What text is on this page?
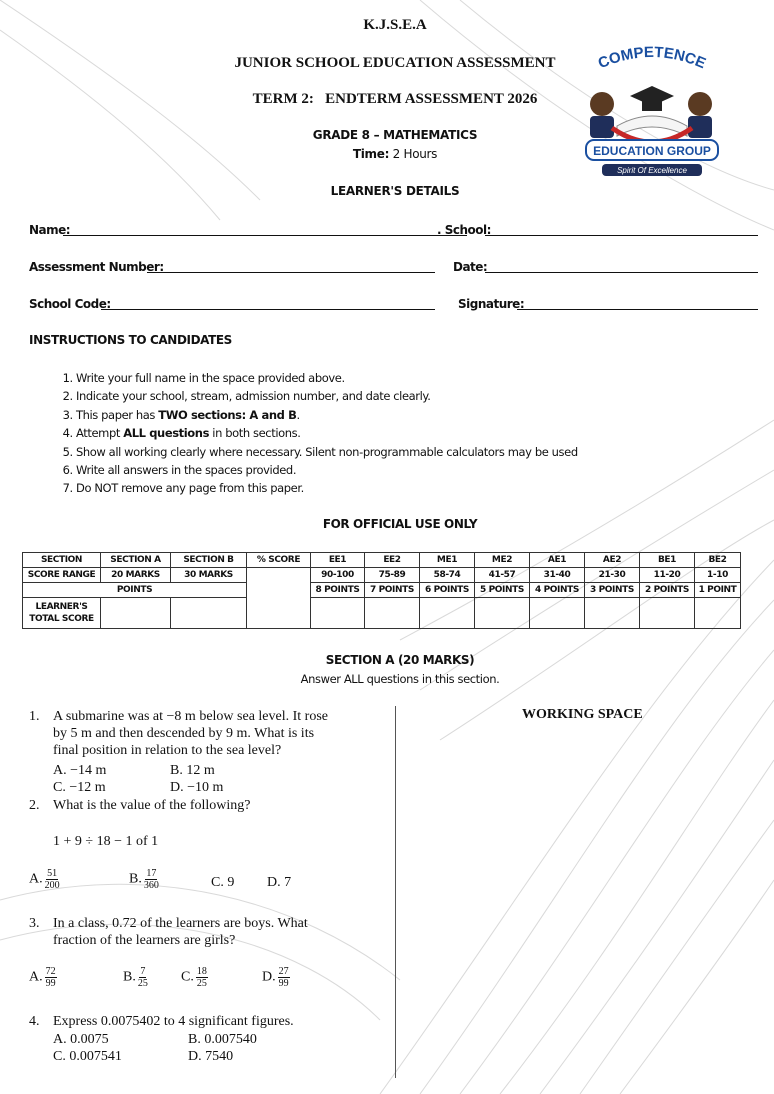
K.J.S.E.A
JUNIOR SCHOOL EDUCATION ASSESSMENT
TERM 2:   ENDTERM ASSESSMENT 2026
GRADE 8 – MATHEMATICS
Time: 2 Hours
LEARNER'S DETAILS
COMPETENCE
EDUCATION GROUP
Spirit Of Excellence
Name:	. School:
Assessment Number:	Date:
School Code:	Signature:
INSTRUCTIONS TO CANDIDATES
1. Write your full name in the space provided above.
2. Indicate your school, stream, admission number, and date clearly.
3. This paper has TWO sections: A and B.
4. Attempt ALL questions in both sections.
5. Show all working clearly where necessary. Silent non-programmable calculators may be used
6. Write all answers in the spaces provided.
7. Do NOT remove any page from this paper.
FOR OFFICIAL USE ONLY
SECTION	SECTION A	SECTION B	% SCORE	EE1	EE2	ME1	ME2	AE1	AE2	BE1	BE2
SCORE RANGE	20 MARKS	30 MARKS		90-100	75-89	58-74	41-57	31-40	21-30	11-20	1-10
POINTS				8 POINTS	7 POINTS	6 POINTS	5 POINTS	4 POINTS	3 POINTS	2 POINTS	1 POINT
LEARNER'S TOTAL SCORE											
SECTION A (20 MARKS)
Answer ALL questions in this section.
WORKING SPACE
1. A submarine was at −8 m below sea level. It rose
by 5 m and then descended by 9 m. What is its
final position in relation to the sea level?
A. −14 m	B. 12 m
C. −12 m	D. −10 m
2. What is the value of the following?
1 + 9 ÷ 18 − 1 of 1
A. $\frac{51}{200}$	B. $\frac{17}{360}$	C. 9 D. 7
3. In a class, 0.72 of the learners are boys. What
fraction of the learners are girls?
A. $\frac{72}{99}$	B. $\frac{7}{25} C$. $\frac{18}{25}$	D. $\frac{27}{99}$
4. Express 0.0075402 to 4 significant figures.
A. 0.0075	B. 0.007540
C. 0.007541	D. 7540
